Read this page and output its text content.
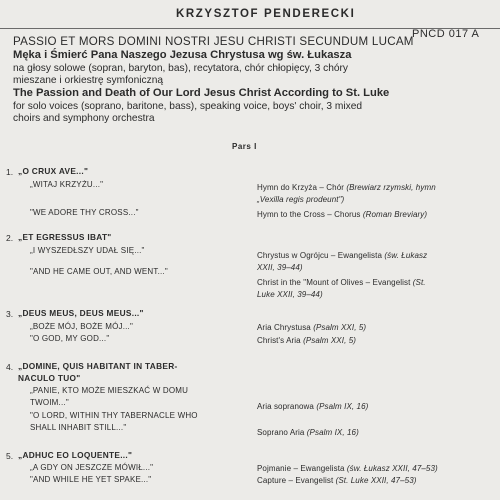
KRZYSZTOF PENDERECKI
PASSIO ET MORS DOMINI NOSTRI JESU CHRISTI SECUNDUM LUCAM
PNCD 017 A
Męka i Śmierć Pana Naszego Jezusa Chrystusa wg św. Łukasza
na głosy solowe (sopran, baryton, bas), recytatora, chór chłopięcy, 3 chóry
mieszane i orkiestrę symfoniczną
The Passion and Death of Our Lord Jesus Christ According to St. Luke
for solo voices (soprano, baritone, bass), speaking voice, boys' choir, 3 mixed
choirs and symphony orchestra
Pars I
1. „O CRUX AVE..."
„WITAJ KRZYŻU..."
"WE ADORE THY CROSS..."
Hymn do Krzyża – Chór (Brewiarz rzymski, hymn
„Vexilla regis prodeunt")
Hymn to the Cross – Chorus (Roman Breviary)
2. „ET EGRESSUS IBAT"
„I WYSZEDŁSZY UDAŁ SIĘ..."
"AND HE CAME OUT, AND WENT..."
Chrystus w Ogrójcu – Ewangelista (św. Łukasz
XXII, 39–44)
Christ in the "Mount of Olives – Evangelist (St.
Luke XXII, 39–44)
3. „DEUS MEUS, DEUS MEUS..."
„BOŻE MÓJ, BOŻE MÓJ..."
"O GOD, MY GOD..."
Aria Chrystusa (Psalm XXI, 5)
Christ's Aria (Psalm XXI, 5)
4. „DOMINE, QUIS HABITANT IN TABER-
NACULO TUO"
„PANIE, KTO MOŻE MIESZKAĆ W DOMU
TWOIM..."
"O LORD, WITHIN THY TABERNACLE WHO
SHALL INHABIT STILL..."
Aria sopranowa (Psalm IX, 16)
Soprano Aria (Psalm IX, 16)
5. „ADHUC EO LOQUENTE..."
„A GDY ON JESZCZE MÓWIŁ..."
"AND WHILE HE YET SPAKE..."
Pojmanie – Ewangelista (św. Łukasz XXII, 47–53)
Capture – Evangelist (St. Luke XXII, 47–53)
